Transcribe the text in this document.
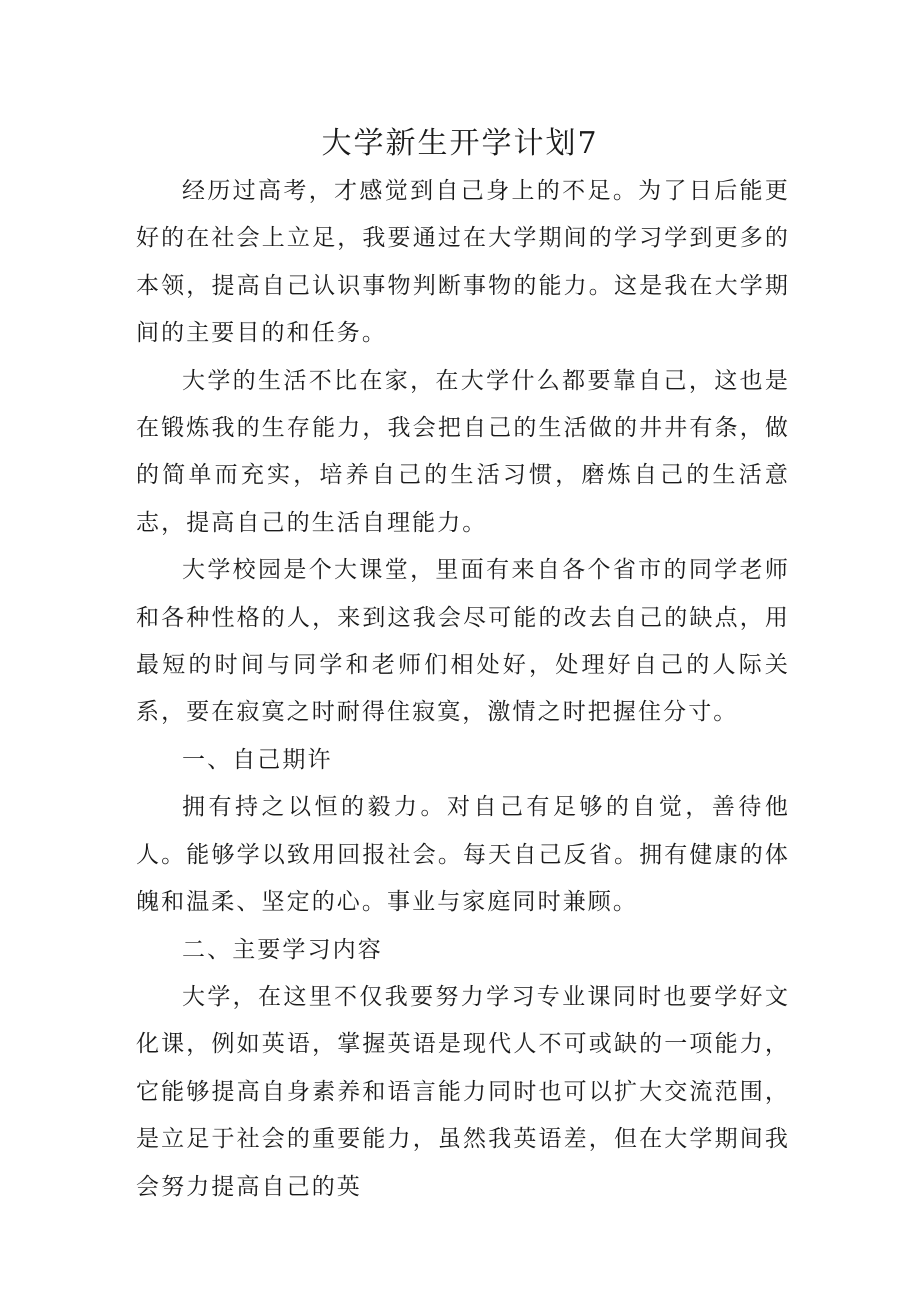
大学新生开学计划7

经历过高考，才感觉到自己身上的不足。为了日后能更好的在社会上立足，我要通过在大学期间的学习学到更多的本领，提高自己认识事物判断事物的能力。这是我在大学期间的主要目的和任务。

大学的生活不比在家，在大学什么都要靠自己，这也是在锻炼我的生存能力，我会把自己的生活做的井井有条，做的简单而充实，培养自己的生活习惯，磨炼自己的生活意志，提高自己的生活自理能力。

大学校园是个大课堂，里面有来自各个省市的同学老师和各种性格的人，来到这我会尽可能的改去自己的缺点，用最短的时间与同学和老师们相处好，处理好自己的人际关系，要在寂寞之时耐得住寂寞，激情之时把握住分寸。

一、自己期许

拥有持之以恒的毅力。对自己有足够的自觉，善待他人。能够学以致用回报社会。每天自己反省。拥有健康的体魄和温柔、坚定的心。事业与家庭同时兼顾。

二、主要学习内容

大学，在这里不仅我要努力学习专业课同时也要学好文化课，例如英语，掌握英语是现代人不可或缺的一项能力，它能够提高自身素养和语言能力同时也可以扩大交流范围，是立足于社会的重要能力，虽然我英语差，但在大学期间我会努力提高自己的英
